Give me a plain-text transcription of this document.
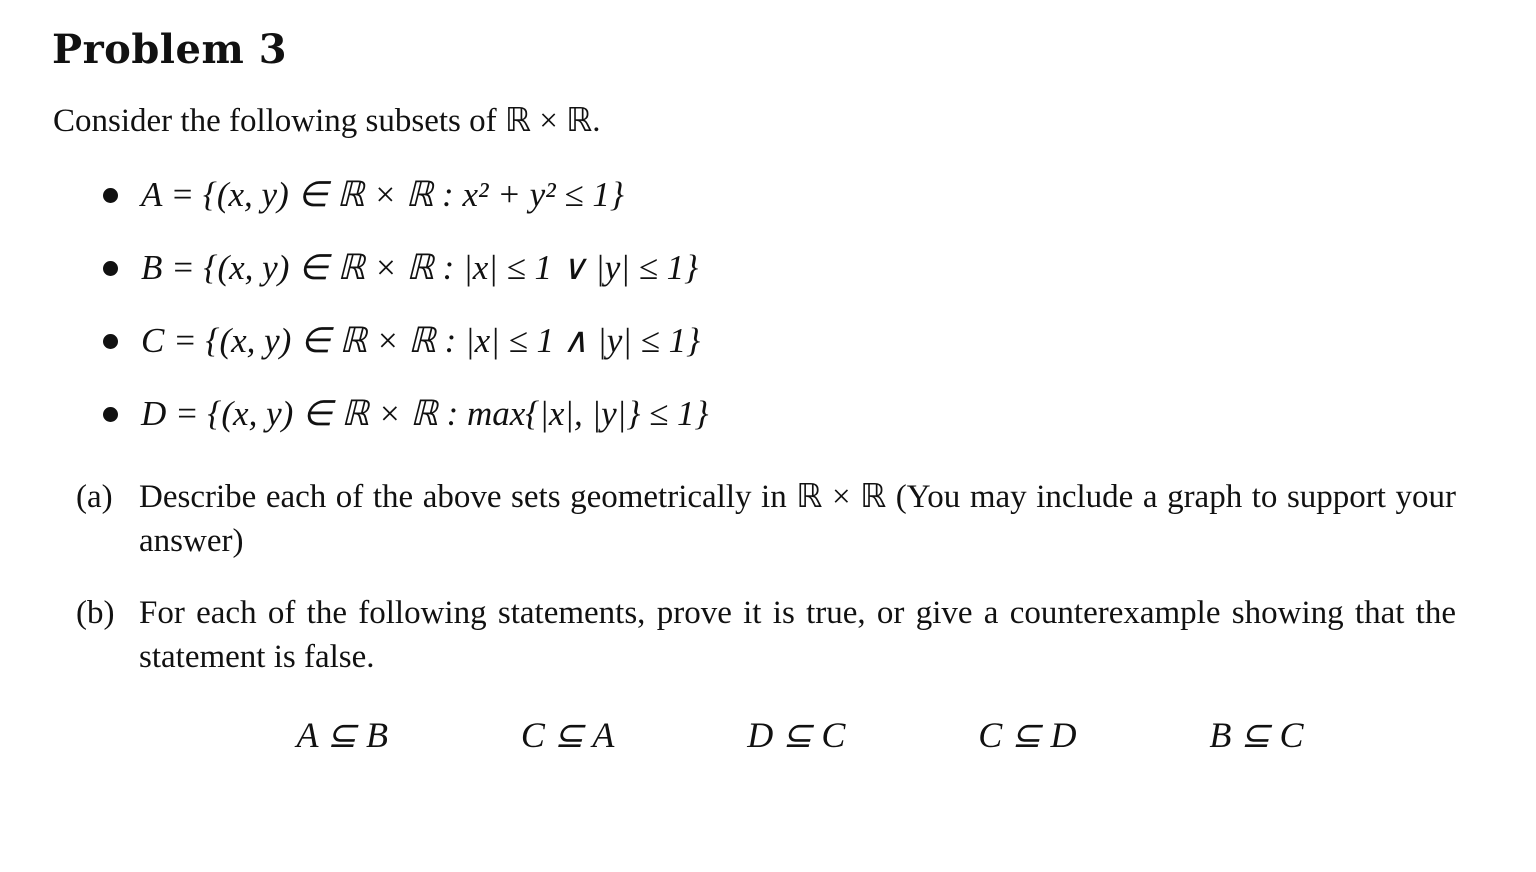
Problem 3
Consider the following subsets of ℝ × ℝ.
A = {(x, y) ∈ ℝ × ℝ : x² + y² ≤ 1}
B = {(x, y) ∈ ℝ × ℝ : |x| ≤ 1 ∨ |y| ≤ 1}
C = {(x, y) ∈ ℝ × ℝ : |x| ≤ 1 ∧ |y| ≤ 1}
D = {(x, y) ∈ ℝ × ℝ : max{|x|, |y|} ≤ 1}
(a) Describe each of the above sets geometrically in ℝ × ℝ (You may include a graph to support your answer)
(b) For each of the following statements, prove it is true, or give a counterexample showing that the statement is false.
A ⊆ B	C ⊆ A	D ⊆ C	C ⊆ D	B ⊆ C
